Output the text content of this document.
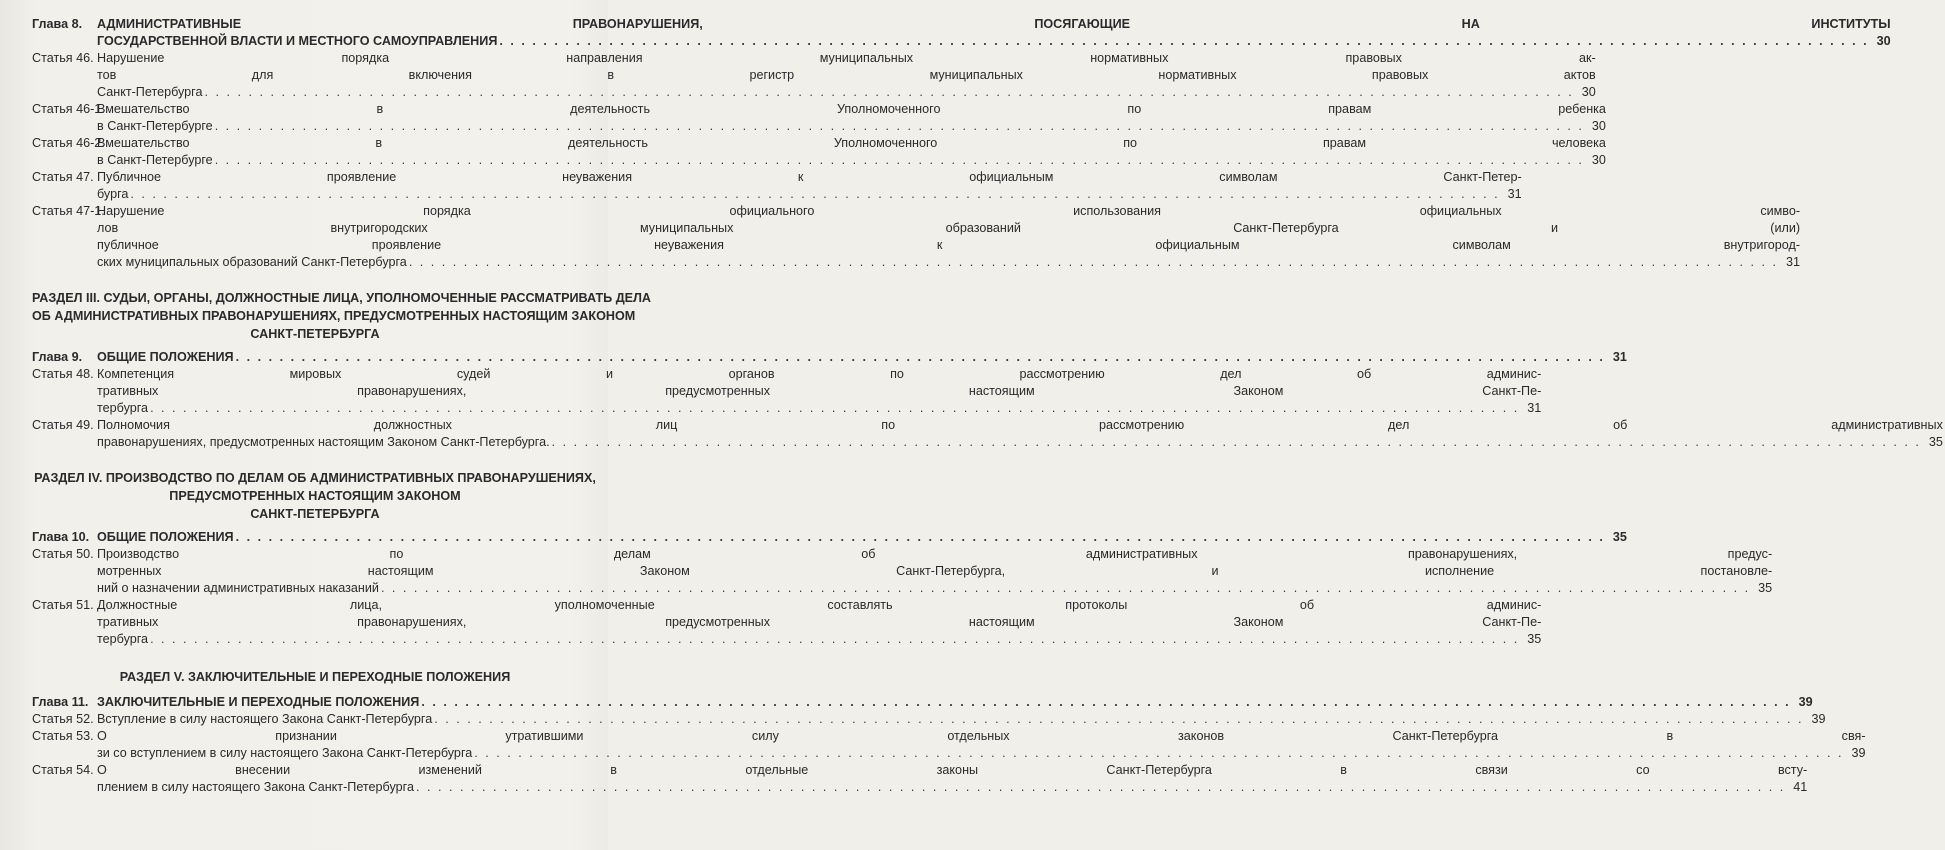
Глава 8.	АДМИНИСТРАТИВНЫЕ ПРАВОНАРУШЕНИЯ, ПОСЯГАЮЩИЕ НА ИНСТИТУТЫ
ГОСУДАРСТВЕННОЙ ВЛАСТИ И МЕСТНОГО САМОУПРАВЛЕНИЯ . . .	30
Статья 46. Нарушение порядка направления муниципальных нормативных правовых ак-
тов для включения в регистр муниципальных нормативных правовых актов
Санкт-Петербурга . . .	30
Статья 46-1.
Вмешательство в деятельность Уполномоченного по правам ребенка
в Санкт-Петербурге . . .	30
Статья 46-2.
Вмешательство в деятельность Уполномоченного по правам человека
в Санкт-Петербурге . . .	30
Статья 47. Публичное проявление неуважения к официальным символам Санкт-Петер-
бурга . . .	31
Статья 47-1.
Нарушение порядка официального использования официальных симво-
лов внутригородских муниципальных образований Санкт-Петербурга и (или)
публичное проявление неуважения к официальным символам внутригород-
ских муниципальных образований Санкт-Петербурга . . .	31
РАЗДЕЛ III. СУДЬИ, ОРГАНЫ, ДОЛЖНОСТНЫЕ ЛИЦА, УПОЛНОМОЧЕННЫЕ РАССМАТРИВАТЬ ДЕЛА
ОБ АДМИНИСТРАТИВНЫХ ПРАВОНАРУШЕНИЯХ, ПРЕДУСМОТРЕННЫХ НАСТОЯЩИМ ЗАКОНОМ
САНКТ-ПЕТЕРБУРГА
Глава 9.	ОБЩИЕ ПОЛОЖЕНИЯ . . .	31
Статья 48. Компетенция мировых судей и органов по рассмотрению дел об админис-
тративных правонарушениях, предусмотренных настоящим Законом Санкт-Пе-
тербурга . . .	31
Статья 49. Полномочия должностных лиц по рассмотрению дел об административных
правонарушениях, предусмотренных настоящим Законом Санкт-Петербурга. . . .	35
РАЗДЕЛ IV. ПРОИЗВОДСТВО ПО ДЕЛАМ ОБ АДМИНИСТРАТИВНЫХ ПРАВОНАРУШЕНИЯХ,
ПРЕДУСМОТРЕННЫХ НАСТОЯЩИМ ЗАКОНОМ
САНКТ-ПЕТЕРБУРГА
Глава 10. ОБЩИЕ ПОЛОЖЕНИЯ . . .	35
Статья 50. Производство по делам об административных правонарушениях, предус-
мотренных настоящим Законом Санкт-Петербурга, и исполнение постановле-
ний о назначении административных наказаний . . .	35
Статья 51. Должностные лица, уполномоченные составлять протоколы об админис-
тративных правонарушениях, предусмотренных настоящим Законом Санкт-Пе-
тербурга . . .	35
РАЗДЕЛ V. ЗАКЛЮЧИТЕЛЬНЫЕ И ПЕРЕХОДНЫЕ ПОЛОЖЕНИЯ
Глава 11. ЗАКЛЮЧИТЕЛЬНЫЕ И ПЕРЕХОДНЫЕ ПОЛОЖЕНИЯ . . .	39
Статья 52. Вступление в силу настоящего Закона Санкт-Петербурга . . .	39
Статья 53. О признании утратившими силу отдельных законов Санкт-Петербурга в свя-
зи со вступлением в силу настоящего Закона Санкт-Петербурга . . .	39
Статья 54. О внесении изменений в отдельные законы Санкт-Петербурга в связи со всту-
плением в силу настоящего Закона Санкт-Петербурга . . .	41
